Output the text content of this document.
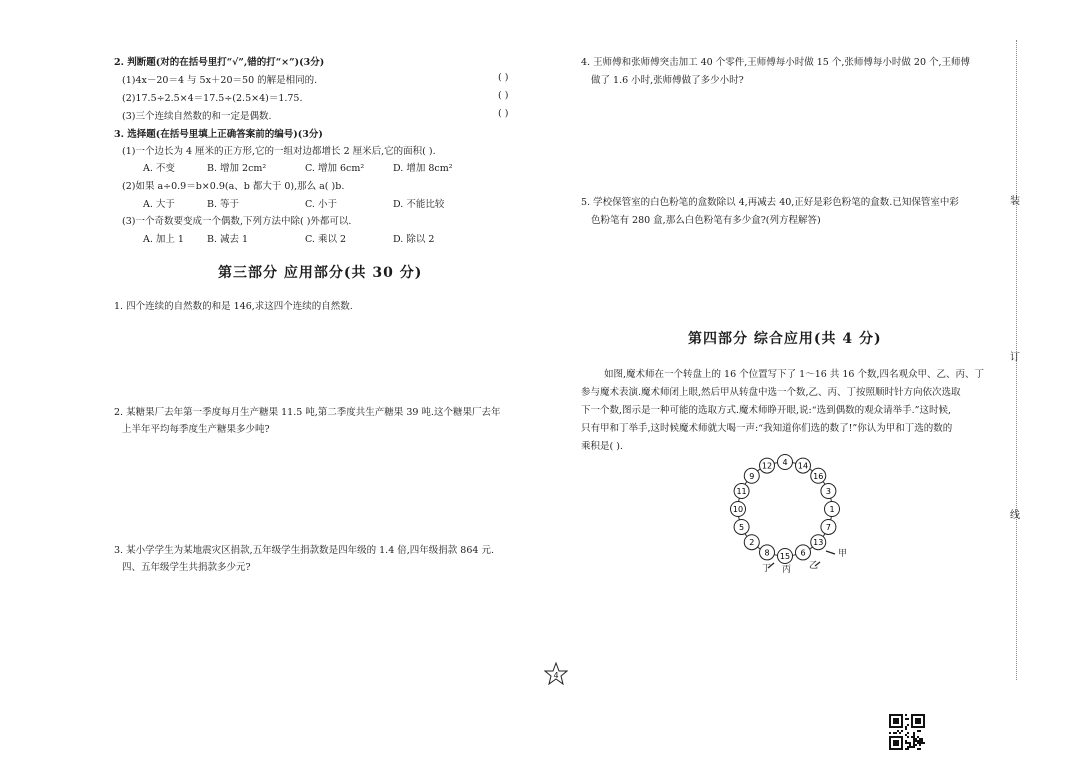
2. 判断题(对的在括号里打“√”,错的打“×”)(3分)
(1)4x－20＝4 与 5x＋20＝50 的解是相同的.	( )
(2)17.5÷2.5×4＝17.5÷(2.5×4)＝1.75.	( )
(3)三个连续自然数的和一定是偶数.	( )
3. 选择题(在括号里填上正确答案前的编号)(3分)
(1)一个边长为 4 厘米的正方形,它的一组对边都增长 2 厘米后,它的面积( ).
A. 不变	B. 增加 2cm²	C. 增加 6cm²	D. 增加 8cm²
(2)如果 a÷0.9＝b×0.9(a、b 都大于 0),那么 a( )b.
A. 大于	B. 等于	C. 小于	D. 不能比较
(3)一个奇数要变成一个偶数,下列方法中除( )外都可以.
A. 加上 1 B. 减去 1	C. 乘以 2	D. 除以 2
第三部分 应用部分(共 30 分)
1. 四个连续的自然数的和是 146,求这四个连续的自然数.
2. 某糖果厂去年第一季度每月生产糖果 11.5 吨,第二季度共生产糖果 39 吨.这个糖果厂去年
上半年平均每季度生产糖果多少吨?
3. 某小学学生为某地震灾区捐款,五年级学生捐款数是四年级的 1.4 倍,四年级捐款 864 元.
四、五年级学生共捐款多少元?
4. 王师傅和张师傅突击加工 40 个零件,王师傅每小时做 15 个,张师傅每小时做 20 个,王师傅
做了 1.6 小时,张师傅做了多少小时?
5. 学校保管室的白色粉笔的盒数除以 4,再减去 40,正好是彩色粉笔的盒数.已知保管室中彩
色粉笔有 280 盒,那么白色粉笔有多少盒?(列方程解答)
第四部分 综合应用(共 4 分)
如图,魔术师在一个转盘上的 16 个位置写下了 1～16 共 16 个数,四名观众甲、乙、丙、丁
参与魔术表演.魔术师闭上眼,然后甲从转盘中选一个数,乙、丙、丁按照顺时针方向依次选取
下一个数,图示是一种可能的选取方式.魔术师睁开眼,说:“选到偶数的观众请举手.”这时候,
只有甲和丁举手,这时候魔术师就大喝一声:“我知道你们选的数了!”你认为甲和丁选的数的
乘积是( ).
4 14
16
3
1
7
13
6
15
8
2
5
10
11
9
12
甲
乙
丙
丁
装
订
线
4
